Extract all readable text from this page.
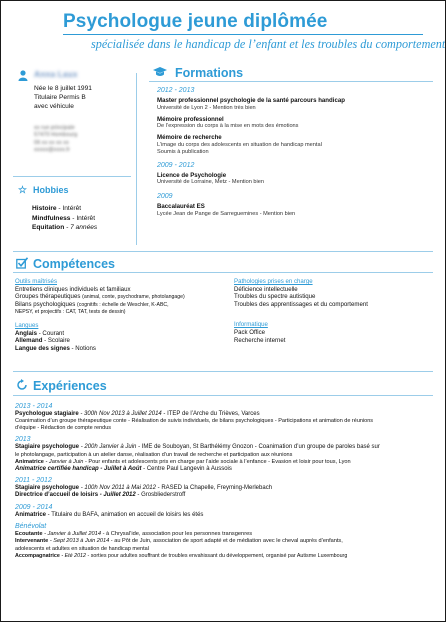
Psychologue jeune diplômée
spécialisée dans le handicap de l’enfant et les troubles du comportement
Anna Laux
Née le 8 juillet 1991
Titulaire Permis B
avec véhicule
xx rue principale
57470 Hombourg
06 xx xx xx xx
xxxxx@xxxx.fr
☆ Hobbies
Histoire - Intérêt
Mindfulness - Intérêt
Equitation - 7 années
Formations
2012 - 2013
Master professionnel psychologie de la santé parcours handicap
Université de Lyon 2 - Mention très bien
Mémoire professionnel
De l’expression du corps à la mise en mots des émotions
Mémoire de recherche
L’image du corps des adolescents en situation de handicap mental
Soumis à publication
2009 - 2012
Licence de Psychologie
Université de Lorraine, Metz - Mention bien
2009
Baccalauréat ES
Lycée Jean de Pange de Sarreguemines - Mention bien
Compétences
Outils maîtrisés
Entretiens cliniques individuels et familiaux
Groupes thérapeutiques (animal, conte, psychodrame, photolangage)
Bilans psychologiques (cognitifs : échelle de Weschler, K-ABC,
NEPSY, et projectifs : CAT, TAT, tests de dessin)
Langues
Anglais - Courant
Allemand - Scolaire
Langue des signes - Notions
Pathologies prises en charge
Déficience intellectuelle
Troubles du spectre autistique
Troubles des apprentissages et du comportement
Informatique
Pack Office
Recherche internet
Expériences
2013 - 2014
Psychologue stagiaire - 300h Nov 2013 à Juillet 2014 - ITEP de l’Arche du Trièves, Varces
Coanimation d’un groupe thérapeutique conte - Réalisation de suivis individuels, de bilans psychologiques - Participations et animation de réunions
d’équipe - Rédaction de compte rendus
2013
Stagiaire psychologue - 200h Janvier à Juin - IME de Souboyan, St Barthélémy Gnozon - Coanimation d’un groupe de paroles basé sur
le photolangage, participation à un atelier danse, réalisation d’un travail de recherche et participation aux réunions
Animatrice - Janvier à Juin - Pour enfants et adolescents pris en charge par l’aide sociale à l’enfance - Evasion et loisir pour tous, Lyon
Animatrice certifiée handicap - Juillet à Août - Centre Paul Langevin à Aussois
2011 - 2012
Stagiaire psychologue - 100h Nov 2011 à Mai 2012 - RASED la Chapelle, Freyming-Merlebach
Directrice d’accueil de loisirs - Juillet 2012 - Grosbliederstroff
2009 - 2014
Animatrice - Titulaire du BAFA, animation en accueil de loisirs les étés
Bénévolat
Ecoutante - Janvier à Juillet 2014 - à Chrysal’ide, association pour les personnes transgenres
Intervenante - Sept 2013 à Juin 2014 - au Pôt de Juin, association de sport adapté et de médiation avec le cheval auprès d’enfants,
adolescents et adultes en situation de handicap mental
Accompagnatrice - Eté 2012 - sorties pour adultes souffrant de troubles envahissant du développement, organisé par Autisme Luxembourg
